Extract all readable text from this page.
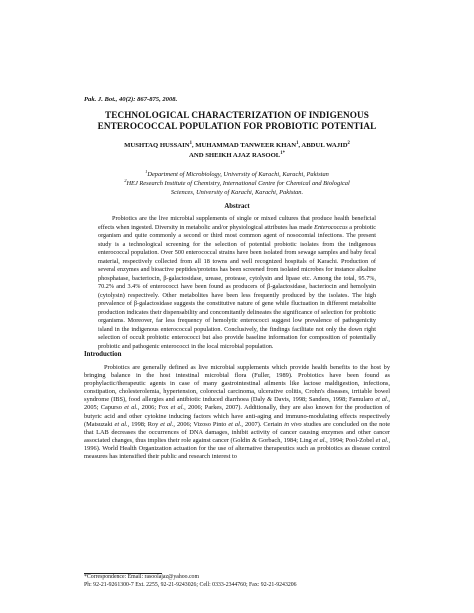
Pak. J. Bot., 40(2): 867-875, 2008.
TECHNOLOGICAL CHARACTERIZATION OF INDIGENOUS
ENTEROCOCCAL POPULATION FOR PROBIOTIC POTENTIAL
MUSHTAQ HUSSAIN$^1$, MUHAMMAD TANWEER KHAN$^1$, ABDUL WAJID$^2$
AND SHEIKH AJAZ $RASOOL^{1*}$
$^1$Department of Microbiology, University of Karachi, Karachi, Pakistan
$^2$HEJ Research Institute of Chemistry, International Centre for Chemical and Biological
Sciences, University of Karachi, Karachi, Pakistan.
Abstract
Probiotics are the live microbial supplements of single or mixed cultures that produce health beneficial effects when ingested. Diversity in metabolic and/or physiological attributes has made Enterococcus a probiotic organism and quite commonly a second or third most common agent of nosocomial infections. The present study is a technological screening for the selection of potential probiotic isolates from the indigenous enterococcal population. Over 500 enterococcal strains have been isolated from sewage samples and baby fecal material, respectively collected from all 18 towns and well recognized hospitals of Karachi. Production of several enzymes and bioactive peptides/proteins has been screened from isolated microbes for instance alkaline phosphatase, bacteriocin, β-galactosidase, urease, protease, cytolysin and lipase etc. Among the total, 95.7%, 70.2% and 3.4% of enterococci have been found as producers of β-galactosidase, bacteriocin and hemolysin (cytolysin) respectively. Other metabolites have been less frequently produced by the isolates. The high prevalence of β-galactosidase suggests the constitutive nature of gene while fluctuation in different metabolite production indicates their dispensability and concomitantly delineates the significance of selection for probiotic organisms. Moreover, far less frequency of hemolytic enterococci suggest low prevalence of pathogenicity island in the indigenous enterococcal population. Conclusively, the findings facilitate not only the down right selection of occult probiotic enterococci but also provide baseline information for composition of potentially probiotic and pathogenic enterococci in the local microbial population.
Introduction
Probiotics are generally defined as live microbial supplements which provide health benefits to the host by bringing balance in the host intestinal microbial flora (Fuller, 1989). Probiotics have been found as prophylactic/therapeutic agents in case of many gastrointestinal ailments like lactose maldigestion, infections, constipation, cholesterolemia, hypertension, colorectal carcinoma, ulcerative colitis, Crohn's diseases, irritable bowel syndrome (IBS), food allergies and antibiotic induced diarrhoea (Daly & Davis, 1998; Sanders, 1998; Famularo et al., 2005; Capurso et al., 2006; Fox et al., 2006; Parkes, 2007). Additionally, they are also known for the production of butyric acid and other cytokine inducing factors which have anti-aging and immuno-modulating effects respectively (Matsuzaki et al., 1998; Roy et al., 2006; Vizoso Pinto et al., 2007). Certain in vivo studies are concluded on the note that LAB decreases the occurrences of DNA damages, inhibit activity of cancer causing enzymes and other cancer associated changes, thus implies their role against cancer (Goldin & Gorbach, 1984; Ling et al., 1994; Pool-Zobel et al., 1996). World Health Organization actuation for the use of alternative therapeutics such as probiotics as disease control measures has intensified their public and research interest to
*Correspondence: Email: rasoolajaz@yahoo.com
Ph: 92-21-9261300-7 Ext. 2255, 92-21-9243026; Cell: 0333-2344760; Fax: 92-21-9243206
